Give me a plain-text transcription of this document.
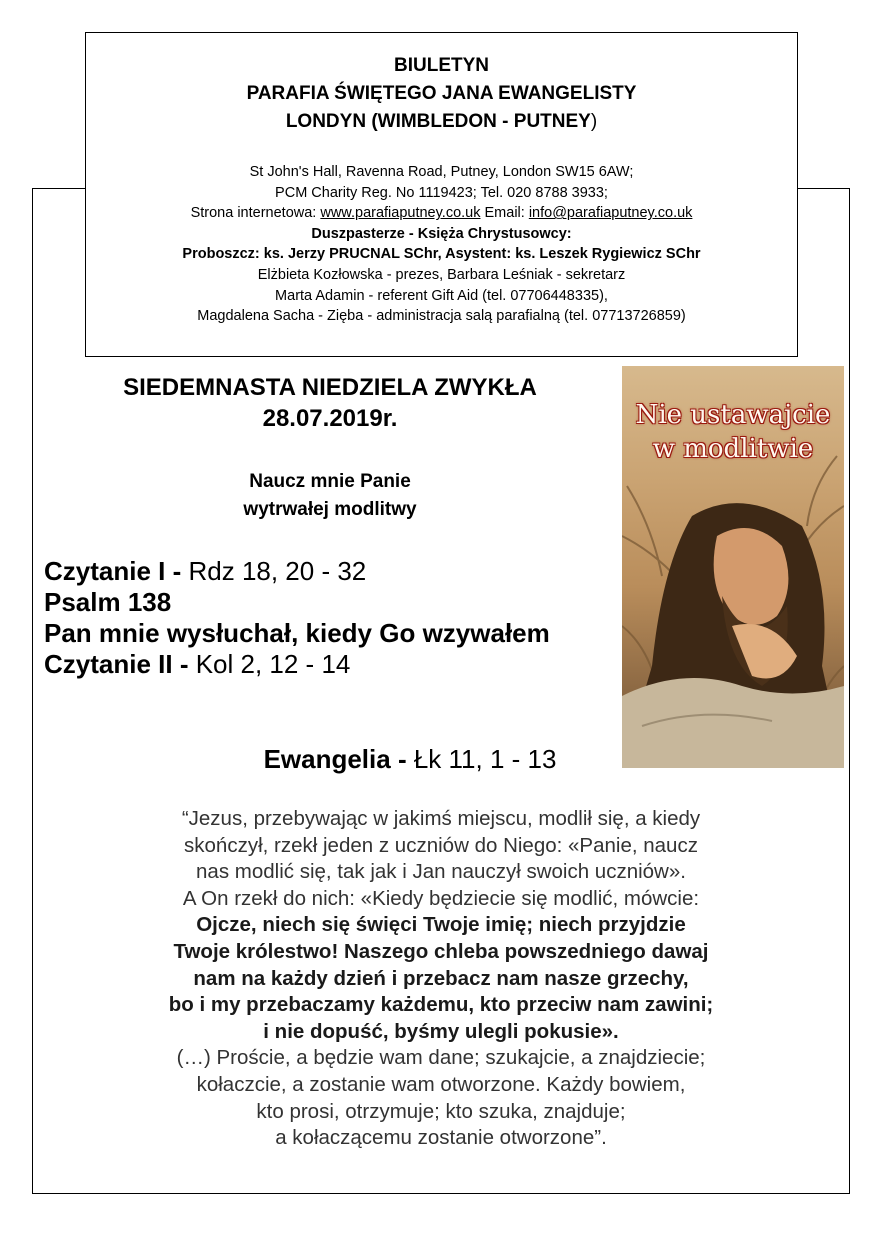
BIULETYN
PARAFIA ŚWIĘTEGO JANA EWANGELISTY
LONDYN (WIMBLEDON - PUTNEY)
St John's Hall, Ravenna Road, Putney, London SW15 6AW;
PCM Charity Reg. No 1119423; Tel. 020 8788 3933;
Strona internetowa: www.parafiaputney.co.uk Email: info@parafiaputney.co.uk
Duszpasterze - Księża Chrystusowcy:
Proboszcz: ks. Jerzy PRUCNAL SChr, Asystent: ks. Leszek Rygiewicz SChr
Elżbieta Kozłowska - prezes, Barbara Leśniak - sekretarz
Marta Adamin - referent Gift Aid (tel. 07706448335),
Magdalena Sacha - Zięba - administracja salą parafialną (tel. 07713726859)
SIEDEMNASTA NIEDZIELA ZWYKŁA
28.07.2019r.
Naucz mnie Panie
wytrwałej modlitwy
Czytanie I - Rdz 18, 20 - 32
Psalm 138
Pan mnie wysłuchał, kiedy Go wzywałem
Czytanie II - Kol 2, 12 - 14
Nie ustawajcie
w modlitwie
Ewangelia - Łk 11, 1 - 13
“Jezus, przebywając w jakimś miejscu, modlił się, a kiedy
skończył, rzekł jeden z uczniów do Niego: «Panie, naucz
nas modlić się, tak jak i Jan nauczył swoich uczniów».
A On rzekł do nich: «Kiedy będziecie się modlić, mówcie:
Ojcze, niech się święci Twoje imię; niech przyjdzie
Twoje królestwo! Naszego chleba powszedniego dawaj
nam na każdy dzień i przebacz nam nasze grzechy,
bo i my przebaczamy każdemu, kto przeciw nam zawini;
i nie dopuść, byśmy ulegli pokusie».
(…) Proście, a będzie wam dane; szukajcie, a znajdziecie;
kołaczcie, a zostanie wam otworzone. Każdy bowiem,
kto prosi, otrzymuje; kto szuka, znajduje;
a kołaczącemu zostanie otworzone”.
